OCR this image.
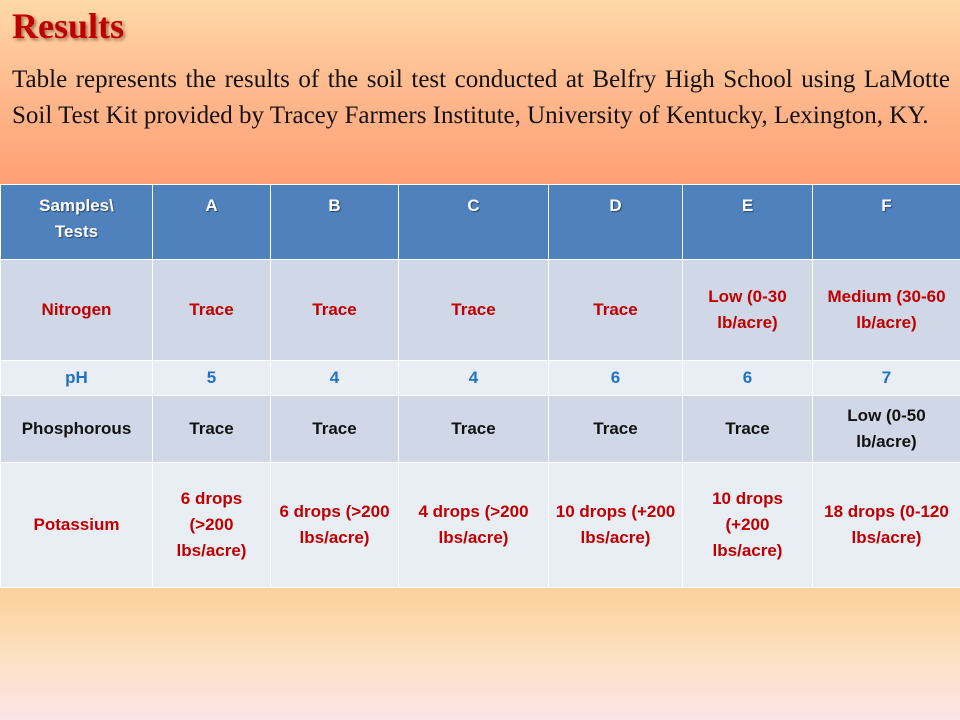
Results

Table represents the results of the soil test conducted at Belfry High School using LaMotte Soil Test Kit provided by Tracey Farmers Institute, University of Kentucky, Lexington, KY.

Samples\
Tests	A	B	C	D	E	F
Nitrogen	Trace	Trace	Trace	Trace	Low (0-30 lb/acre)	Medium (30-60 lb/acre)
pH	5	4	4	6	6	7
Phosphorous	Trace	Trace	Trace	Trace	Trace	Low (0-50 lb/acre)
Potassium	6 drops (>200 lbs/acre)	6 drops (>200 lbs/acre)	4 drops (>200 lbs/acre)	10 drops (+200 lbs/acre)	10 drops (+200 lbs/acre)	18 drops (0-120 lbs/acre)
